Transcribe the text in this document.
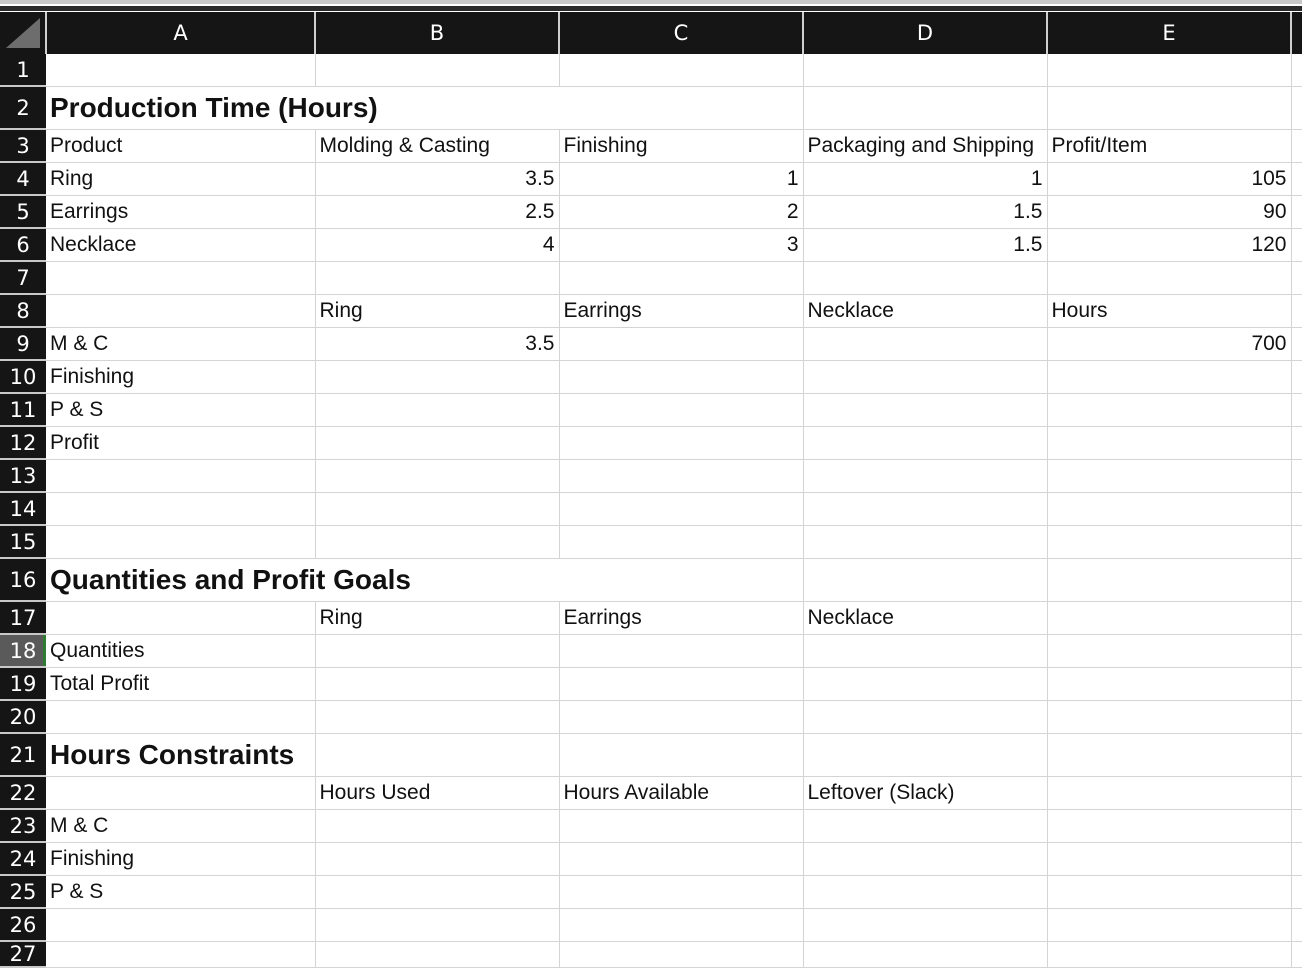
	A	B	C	D	E	
1						
2	Production Time (Hours)					
3	Product	Molding & Casting	Finishing	Packaging and Shipping	Profit/Item	
4	Ring	3.5	1	1	105	
5	Earrings	2.5	2	1.5	90	
6	Necklace	4	3	1.5	120	
7						
8		Ring	Earrings	Necklace	Hours	
9	M & C	3.5			700	
10	Finishing					
11	P & S					
12	Profit					
13						
14						
15						
16	Quantities and Profit Goals					
17		Ring	Earrings	Necklace		
18	Quantities					
19	Total Profit					
20						
21	Hours Constraints					
22		Hours Used	Hours Available	Leftover (Slack)		
23	M & C					
24	Finishing					
25	P & S					
26						
27						
